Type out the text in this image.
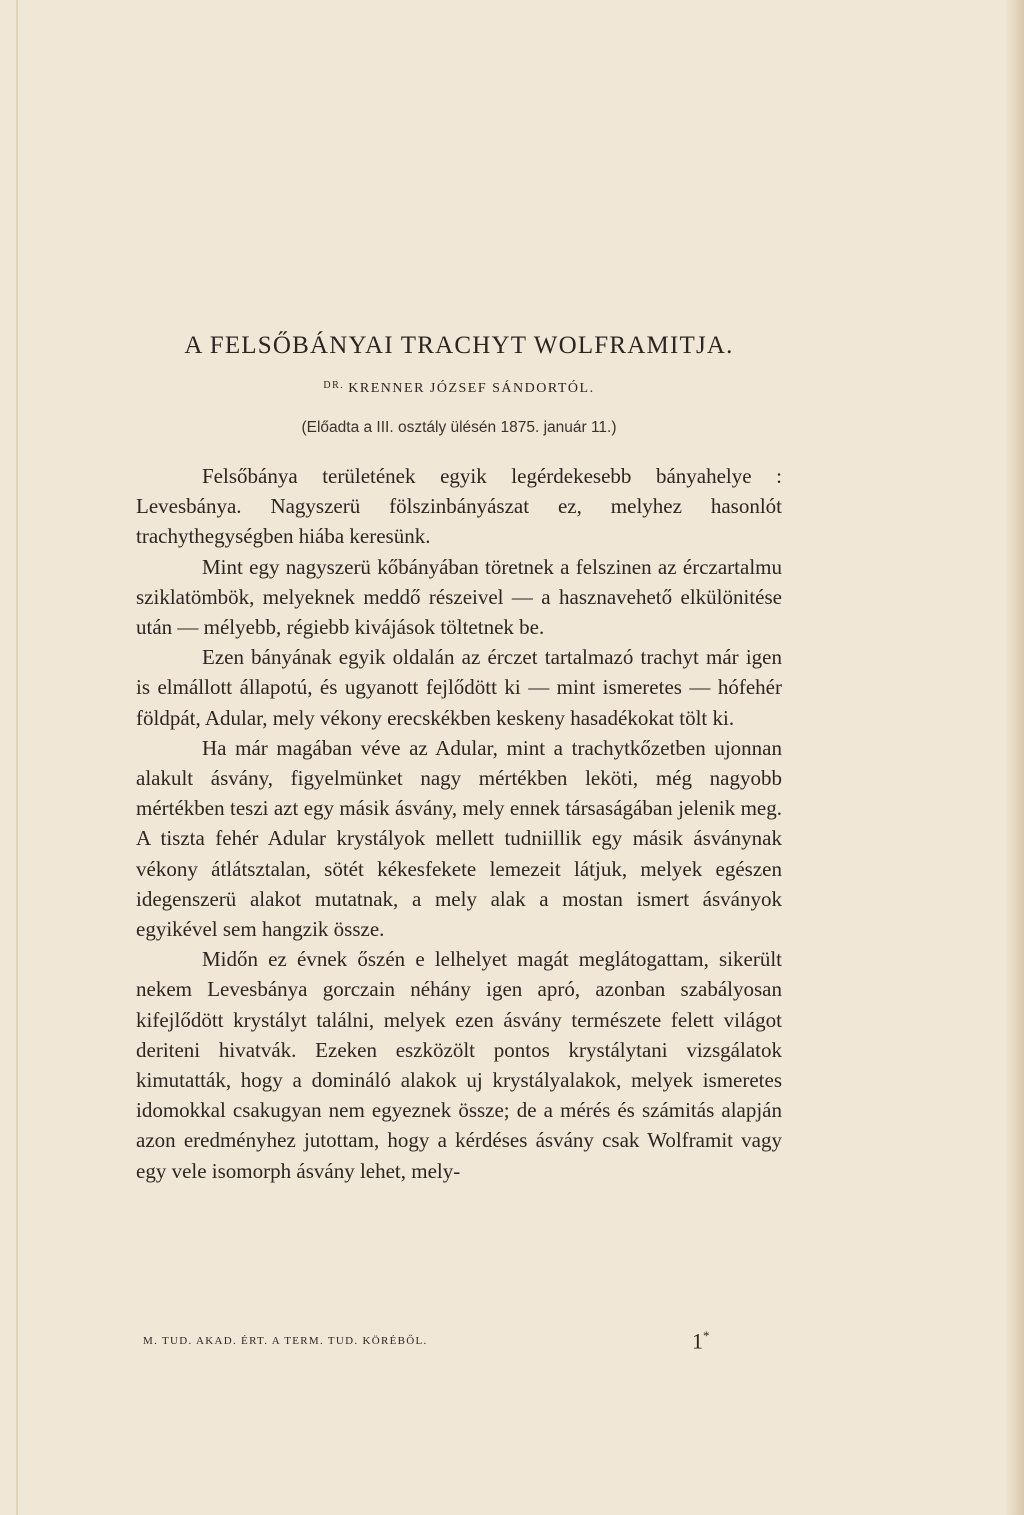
A FELSŐBÁNYAI TRACHYT WOLFRAMITJA.
$^{DR.}$ KRENNER JÓZSEF SÁNDORTÓL.
(Előadta a III. osztály ülésén 1875. január 11.)

Felsőbánya területének egyik legérdekesebb bányahelye : Levesbánya. Nagyszerü fölszinbányászat ez, melyhez hasonlót trachythegységben hiába keresünk.

Mint egy nagyszerü kőbányában töretnek a felszinen az érczartalmu sziklatömbök, melyeknek meddő részeivel — a hasznavehető elkülönitése után — mélyebb, régiebb kivájások töltetnek be.

Ezen bányának egyik oldalán az érczet tartalmazó trachyt már igen is elmállott állapotú, és ugyanott fejlődött ki — mint ismeretes — hófehér földpát, Adular, mely vékony erecskékben keskeny hasadékokat tölt ki.

Ha már magában véve az Adular, mint a trachytkőzetben ujonnan alakult ásvány, figyelmünket nagy mértékben leköti, még nagyobb mértékben teszi azt egy másik ásvány, mely ennek társaságában jelenik meg. A tiszta fehér Adular krystályok mellett tudniillik egy másik ásványnak vékony átlátsztalan, sötét kékesfekete lemezeit látjuk, melyek egészen idegenszerü alakot mutatnak, a mely alak a mostan ismert ásványok egyikével sem hangzik össze.

Midőn ez évnek őszén e lelhelyet magát meglátogattam, sikerült nekem Levesbánya gorczain néhány igen apró, azonban szabályosan kifejlődött krystályt találni, melyek ezen ásvány természete felett világot deriteni hivatvák. Ezeken eszközölt pontos krystálytani vizsgálatok kimutatták, hogy a domináló alakok uj krystályalakok, melyek ismeretes idomokkal csakugyan nem egyeznek össze; de a mérés és számitás alapján azon eredményhez jutottam, hogy a kérdéses ásvány csak Wolframit vagy egy vele isomorph ásvány lehet, mely-

M. TUD. AKAD. ÉRT. A TERM. TUD. KÖRÉBŐL.	1*
